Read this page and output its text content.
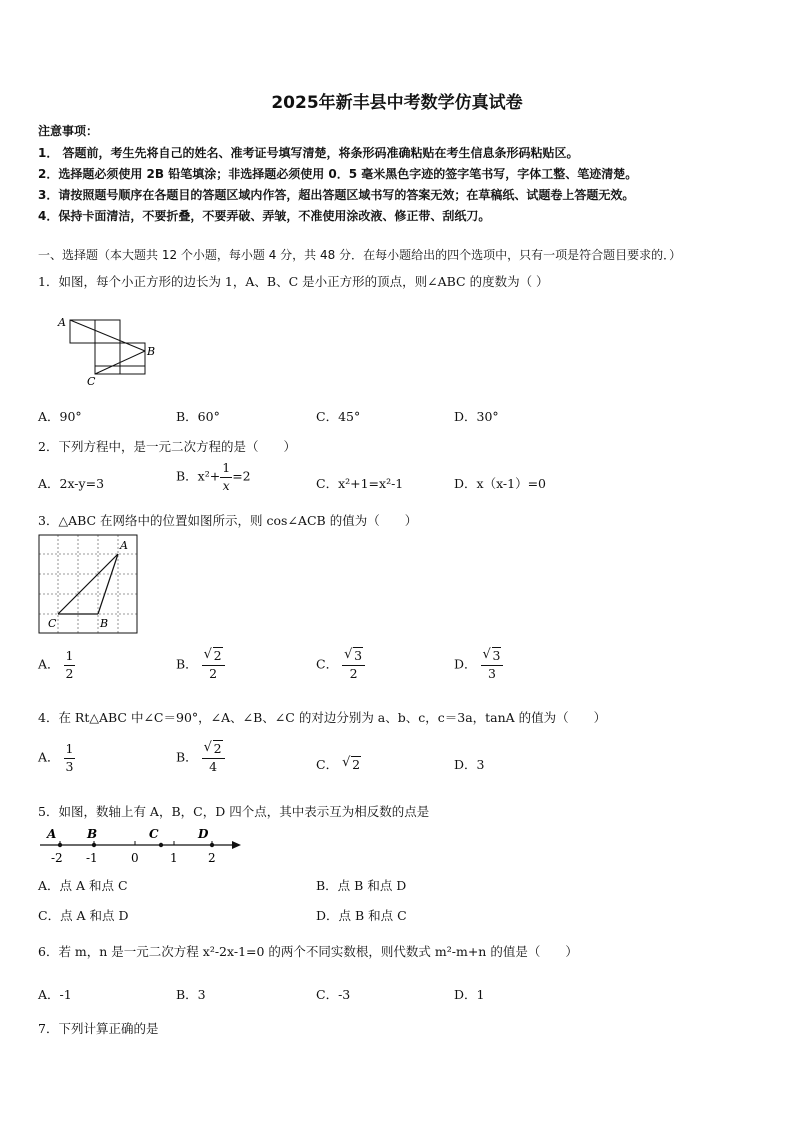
2025年新丰县中考数学仿真试卷
注意事项：
1． 答题前，考生先将自己的姓名、准考证号填写清楚，将条形码准确粘贴在考生信息条形码粘贴区。
2．选择题必须使用 2B 铅笔填涂；非选择题必须使用 0．5 毫米黑色字迹的签字笔书写，字体工整、笔迹清楚。
3．请按照题号顺序在各题目的答题区域内作答，超出答题区域书写的答案无效；在草稿纸、试题卷上答题无效。
4．保持卡面清洁，不要折叠，不要弄破、弄皱，不准使用涂改液、修正带、刮纸刀。
一、选择题（本大题共 12 个小题，每小题 4 分，共 48 分．在每小题给出的四个选项中，只有一项是符合题目要求的．）
1．如图，每个小正方形的边长为 1，A、B、C 是小正方形的顶点，则∠ABC 的度数为（ ）
A
B
C
A．90°	B．60°	C．45°	D．30°
2．下列方程中，是一元二次方程的是（　　）
A．2x-y=3	B．$x^2+ \frac{1}{x} =2$	C．x²+1=x²-1	D．x（x-1）=0
3．△ABC 在网络中的位置如图所示，则 cos∠ACB 的值为（　　）
A
B
C
A． $\frac{1}{2}$	B． $\frac{√ 2}{2}$	C． $\frac{√ 3}{2}$	D． $\frac{√ 3}{3}$
4．在 Rt△ABC 中∠C＝90°，∠A、∠B、∠C 的对边分别为 a、b、c，c＝3a，tanA 的值为（　　）
A． $\frac{1}{3}$	B． $\frac{√ 2}{4}$	C． √ 2	D．3
5．如图，数轴上有 A，B，C，D 四个点，其中表示互为相反数的点是
A	B	C	D
-2 -1	0	1	2
A．点 A 和点 C	B．点 B 和点 D
C．点 A 和点 D	D．点 B 和点 C
6．若 m，n 是一元二次方程 x²-2x-1=0 的两个不同实数根，则代数式 m²-m+n 的值是（　　）
A．-1	B．3	C．-3	D．1
7．下列计算正确的是
